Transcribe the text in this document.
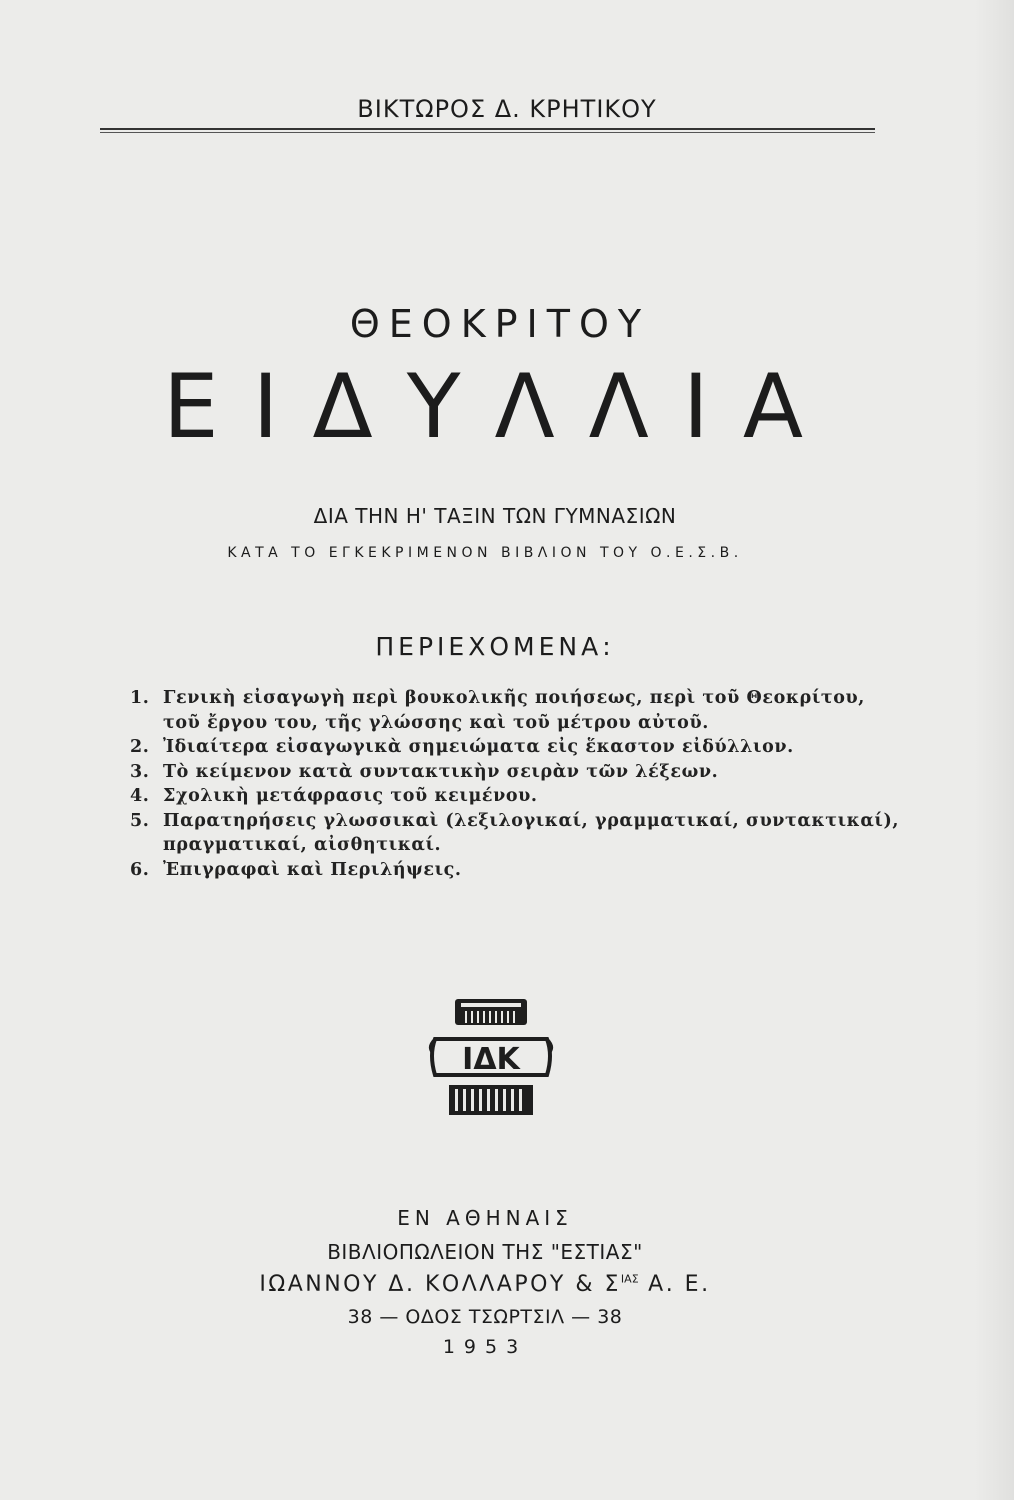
ΒΙΚΤΩΡΟΣ Δ. ΚΡΗΤΙΚΟΥ
ΘΕΟΚΡΙΤΟΥ
ΕΙΔΥΛΛΙΑ
ΔΙΑ ΤΗΝ Η' ΤΑΞΙΝ ΤΩΝ ΓΥΜΝΑΣΙΩΝ
ΚΑΤΑ ΤΟ ΕΓΚΕΚΡΙΜΕΝΟΝ ΒΙΒΛΙΟΝ ΤΟΥ Ο.Ε.Σ.Β.
ΠΕΡΙΕΧΟΜΕΝΑ:
1. Γενικὴ εἰσαγωγὴ περὶ βουκολικῆς ποιήσεως, περὶ τοῦ Θεοκρίτου, τοῦ ἔργου του, τῆς γλώσσης καὶ τοῦ μέτρου αὐτοῦ.
2. Ἰδιαίτερα εἰσαγωγικὰ σημειώματα εἰς ἕκαστον εἰδύλλιον.
3. Τὸ κείμενον κατὰ συντακτικὴν σειρὰν τῶν λέξεων.
4. Σχολικὴ μετάφρασις τοῦ κειμένου.
5. Παρατηρήσεις γλωσσικαὶ (λεξιλογικαί, γραμματικαί, συντακτικαί), πραγματικαί, αἰσθητικαί.
6. Ἐπιγραφαὶ καὶ Περιλήψεις.
ΙΔΚ
ΕΝ ΑΘΗΝΑΙΣ
ΒΙΒΛΙΟΠΩΛΕΙΟΝ ΤΗΣ "ΕΣΤΙΑΣ"
ΙΩΑΝΝΟΥ Δ. ΚΟΛΛΑΡΟΥ & $\Sigma^{IA\Sigma}$ Α. Ε.
38 — ΟΔΟΣ ΤΣΩΡΤΣΙΛ — 38
1953
